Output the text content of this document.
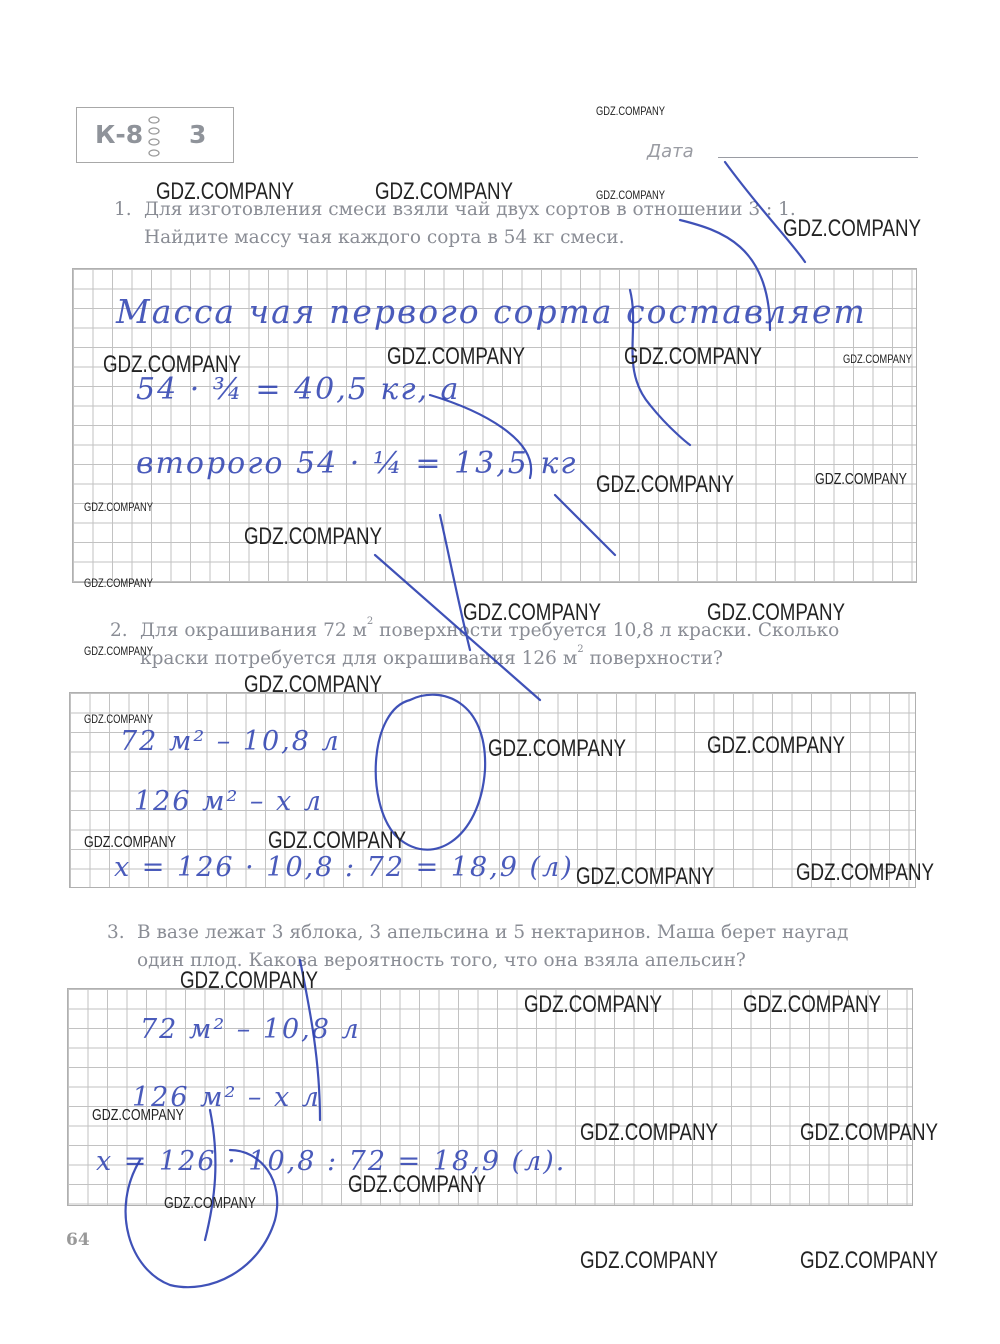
К-8 3
Дата
1. Для изготовления смеси взяли чай двух сортов в отношении 3 : 1.
Найдите массу чая каждого сорта в 54 кг смеси.
2. Для окрашивания 72 $м^2$ поверхности требуется 10,8 л краски. Сколько
краски потребуется для окрашивания 126 $м^2$ поверхности?
3. В вазе лежат 3 яблока, 3 апельсина и 5 нектаринов. Маша берет наугад
один плод. Какова вероятность того, что она взяла апельсин?
Масса чая первого сорта составляет
54 · ¾ = 40,5 кг, а
второго 54 · ¼ = 13,5 кг
72 м² – 10,8 л
126 м² – х л
х = 126 · 10,8 : 72 = 18,9 (л)
72 м² – 10,8 л
126 м² – х л
х = 126 · 10,8 : 72 = 18,9 (л).
GDZ.COMPANY
GDZ.COMPANY	GDZ.COMPANY	GDZ.COMPANY
GDZ.COMPANY
GDZ.COMPANY	GDZ.COMPANY	GDZ.COMPANY	GDZ.COMPANY
GDZ.COMPANY	GDZ.COMPANY
GDZ.COMPANY
GDZ.COMPANY
GDZ.COMPANY
GDZ.COMPANY	GDZ.COMPANY
GDZ.COMPANY
GDZ.COMPANY
GDZ.COMPANY
GDZ.COMPANY	GDZ.COMPANY
GDZ.COMPANY	GDZ.COMPANY
GDZ.COMPANY	GDZ.COMPANY
GDZ.COMPANY
GDZ.COMPANY	GDZ.COMPANY
GDZ.COMPANY
GDZ.COMPANY	GDZ.COMPANY
GDZ.COMPANY
GDZ.COMPANY
GDZ.COMPANY	GDZ.COMPANY
64
